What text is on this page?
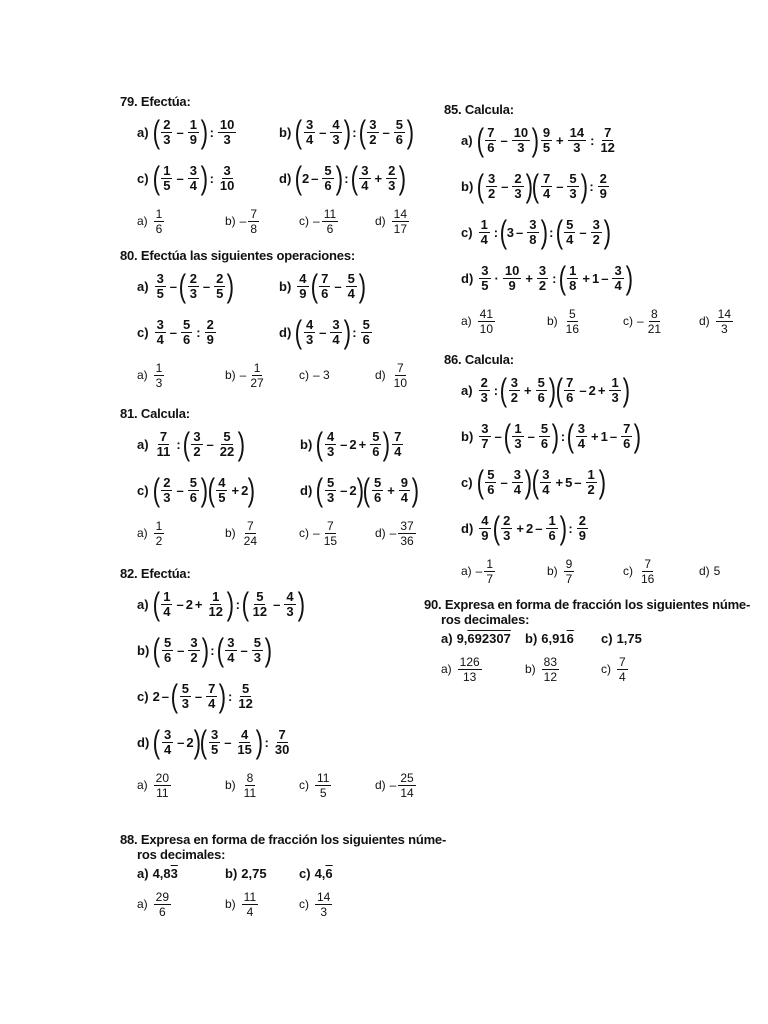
79. Efectúa:
a) ( $\frac{2}{3} - \frac{1}{9}$ ) : $\frac{10}{3}$	b) ( $\frac{3}{4} - \frac{4}{3}$ ) : ( $\frac{3}{2} - \frac{5}{6}$ )
c) ( $\frac{1}{5} - \frac{3}{4}$ ) : $\frac{3}{10}$	d) ( $2 - \frac{5}{6}$ ) : ( $\frac{3}{4} + \frac{2}{3}$ )
$a) \frac{1}{6}$	$b) - \frac{7}{8}$	$c) - \frac{11}{6}$	$d) \frac{14}{17}$
80. Efectúa las siguientes operaciones:
$a) \frac{3}{5}$ – ( $\frac{2}{3} - \frac{2}{5}$ )	$b) \frac{4}{9}$ ( $\frac{7}{6} - \frac{5}{4}$ )
$c) \frac{3}{4} - \frac{5}{6}$ : $\frac{2}{9}$	d) ( $\frac{4}{3} - \frac{3}{4}$ ) : $\frac{5}{6}$
$a) \frac{1}{3}$	$b) - \frac{1}{27}$	c) – 3	$d) \frac{7}{10}$
81. Calcula:
$a) \frac{7}{11}$ : ( $\frac{3}{2} - \frac{5}{22}$ )	b) ( $\frac{4}{3} - 2 + \frac{5}{6}$ ) $\frac{7}{4}$
c) ( $\frac{2}{3} - \frac{5}{6}$ ) ( $\frac{4}{5} + 2$ )	d) ( $\frac{5}{3} - 2$ ) ( $\frac{5}{6} + \frac{9}{4}$ )
$a) \frac{1}{2}$	$b) \frac{7}{24}$	$c) - \frac{7}{15}$	$d) - \frac{37}{36}$
82. Efectúa:
a) ( $\frac{1}{4} - 2 + \frac{1}{12}$ ) : ( $\frac{5}{12} - \frac{4}{3}$ )
b) ( $\frac{5}{6} - \frac{3}{2}$ ) : ( $\frac{3}{4} - \frac{5}{3}$ )
c) 2 – ( $\frac{5}{3} - \frac{7}{4}$ ) : $\frac{5}{12}$
d) ( $\frac{3}{4} - 2$ ) ( $\frac{3}{5} - \frac{4}{15}$ ) : $\frac{7}{30}$
$a) \frac{20}{11}$	$b) \frac{8}{11}$	$c) \frac{11}{5}$	$d) - \frac{25}{14}$
88. Expresa en forma de fracción los siguientes núme-
ros decimales:
a) 4,8 3	b) 2,75 c) 4, 6
$a) \frac{29}{6}$	$b) \frac{11}{4}$	$c) \frac{14}{3}$
85. Calcula:
a) ( $\frac{7}{6} - \frac{10}{3}$ ) $\frac{9}{5} + \frac{14}{3}$ : $\frac{7}{12}$
b) ( $\frac{3}{2} - \frac{2}{3}$ ) ( $\frac{7}{4} - \frac{5}{3}$ ) : $\frac{2}{9}$
$c) \frac{1}{4}$ : ( $3 - \frac{3}{8}$ ) : ( $\frac{5}{4} - \frac{3}{2}$ )
$d) \frac{3}{5} \cdot \frac{10}{9} + \frac{3}{2}$ : ( $\frac{1}{8} + 1 - \frac{3}{4}$ )
$a) \frac{41}{10}$	$b) \frac{5}{16}$	$c) - \frac{8}{21}$	$d) \frac{14}{3}$
86. Calcula:
$a) \frac{2}{3}$ : ( $\frac{3}{2} + \frac{5}{6}$ ) ( $\frac{7}{6} - 2 + \frac{1}{3}$ )
$b) \frac{3}{7}$ – ( $\frac{1}{3} - \frac{5}{6}$ ) : ( $\frac{3}{4} + 1 - \frac{7}{6}$ )
c) ( $\frac{5}{6} - \frac{3}{4}$ ) ( $\frac{3}{4} + 5 - \frac{1}{2}$ )
$d) \frac{4}{9}$ ( $\frac{2}{3} + 2 - \frac{1}{6}$ ) : $\frac{2}{9}$
$a) - \frac{1}{7}$	$b) \frac{9}{7}$	$c) \frac{7}{16}$	d) 5
90. Expresa en forma de fracción los siguientes núme-
ros decimales:
a) 9, 692307 b) 6,91 6 c) 1,75
$a) \frac{126}{13}$	$b) \frac{83}{12}$	$c) \frac{7}{4}$
